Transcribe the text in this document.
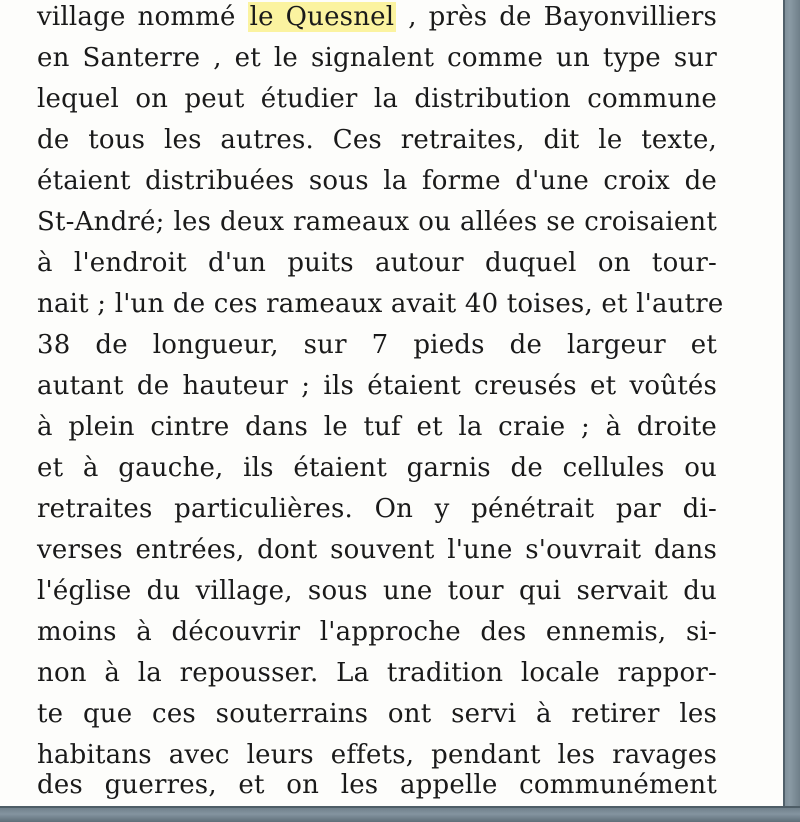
village nommé le Quesnel , près de Bayonvilliers

en Santerre , et le signalent comme un type sur

lequel on peut étudier la distribution commune

de tous les autres. Ces retraites, dit le texte,

étaient distribuées sous la forme d'une croix de

St-André; les deux rameaux ou allées se croisaient

à l'endroit d'un puits autour duquel on tour-

nait ; l'un de ces rameaux avait 40 toises, et l'autre

38 de longueur, sur 7 pieds de largeur et

autant de hauteur ; ils étaient creusés et voûtés

à plein cintre dans le tuf et la craie ; à droite

et à gauche, ils étaient garnis de cellules ou

retraites particulières. On y pénétrait par di-

verses entrées, dont souvent l'une s'ouvrait dans

l'église du village, sous une tour qui servait du

moins à découvrir l'approche des ennemis, si-

non à la repousser. La tradition locale rappor-

te que ces souterrains ont servi à retirer les

habitans avec leurs effets, pendant les ravages

des guerres, et on les appelle communément
